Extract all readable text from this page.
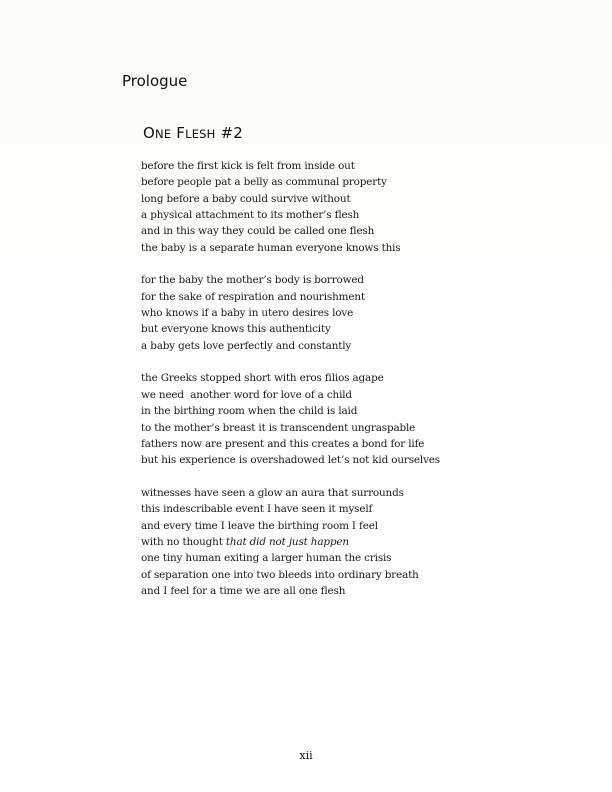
Prologue
ONE FLESH #2
before the first kick is felt from inside out
before people pat a belly as communal property
long before a baby could survive without
a physical attachment to its mother’s flesh
and in this way they could be called one flesh
the baby is a separate human everyone knows this
for the baby the mother’s body is borrowed
for the sake of respiration and nourishment
who knows if a baby in utero desires love
but everyone knows this authenticity
a baby gets love perfectly and constantly
the Greeks stopped short with eros filios agape
we need  another word for love of a child
in the birthing room when the child is laid
to the mother’s breast it is transcendent ungraspable
fathers now are present and this creates a bond for life
but his experience is overshadowed let’s not kid ourselves
witnesses have seen a glow an aura that surrounds
this indescribable event I have seen it myself
and every time I leave the birthing room I feel
with no thought that did not just happen
one tiny human exiting a larger human the crisis
of separation one into two bleeds into ordinary breath
and I feel for a time we are all one flesh
xii
